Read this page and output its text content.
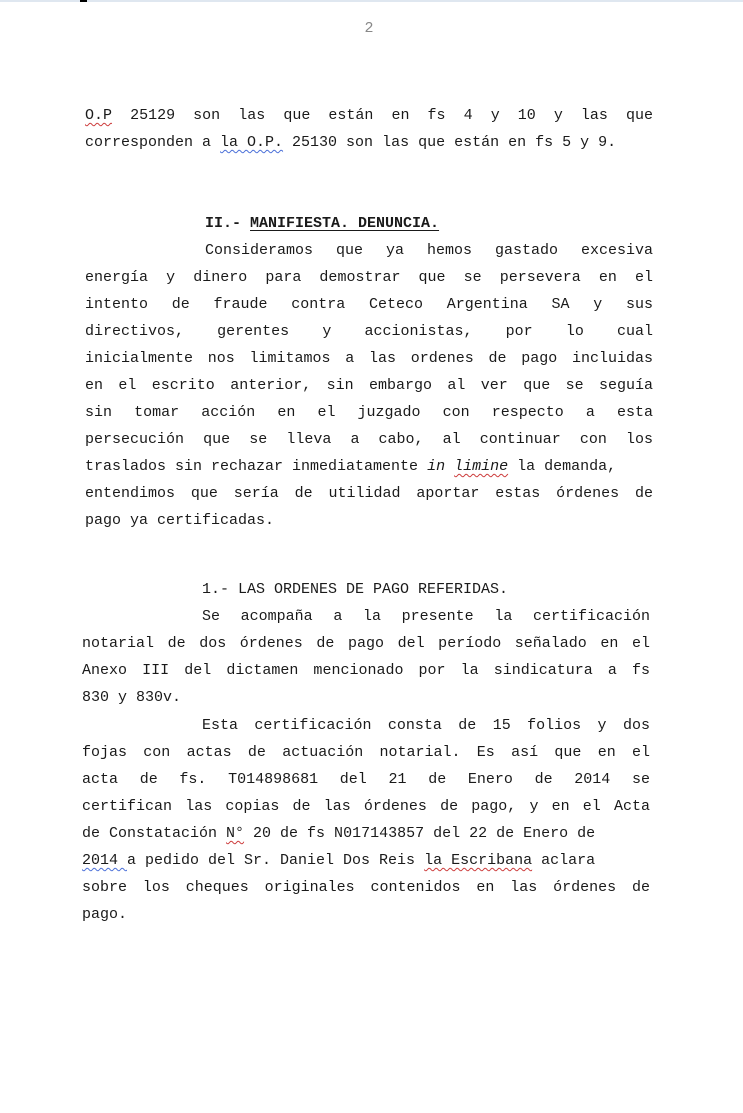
2
O.P 25129 son las que están en fs 4 y 10 y las que
corresponden a la O.P. 25130 son las que están en fs 5 y 9.
II.- MANIFIESTA. DENUNCIA.
Consideramos que ya hemos gastado excesiva
energía y dinero para demostrar que se persevera en el
intento de fraude contra Ceteco Argentina SA y sus
directivos, gerentes y accionistas, por lo cual
inicialmente nos limitamos a las ordenes de pago incluidas
en el escrito anterior, sin embargo al ver que se seguía
sin tomar acción en el juzgado con respecto a esta
persecución que se lleva a cabo, al continuar con los
traslados sin rechazar inmediatamente in limine la demanda,
entendimos que sería de utilidad aportar estas órdenes de
pago ya certificadas.
1.- LAS ORDENES DE PAGO REFERIDAS.
Se acompaña a la presente la certificación
notarial de dos órdenes de pago del período señalado en el
Anexo III del dictamen mencionado por la sindicatura a fs
830 y 830v.
Esta certificación consta de 15 folios y dos
fojas con actas de actuación notarial. Es así que en el
acta de fs. T014898681 del 21 de Enero de 2014 se
certifican las copias de las órdenes de pago, y en el Acta
de Constatación N° 20 de fs N017143857 del 22 de Enero de
2014 a pedido del Sr. Daniel Dos Reis la Escribana aclara
sobre los cheques originales contenidos en las órdenes de
pago.
